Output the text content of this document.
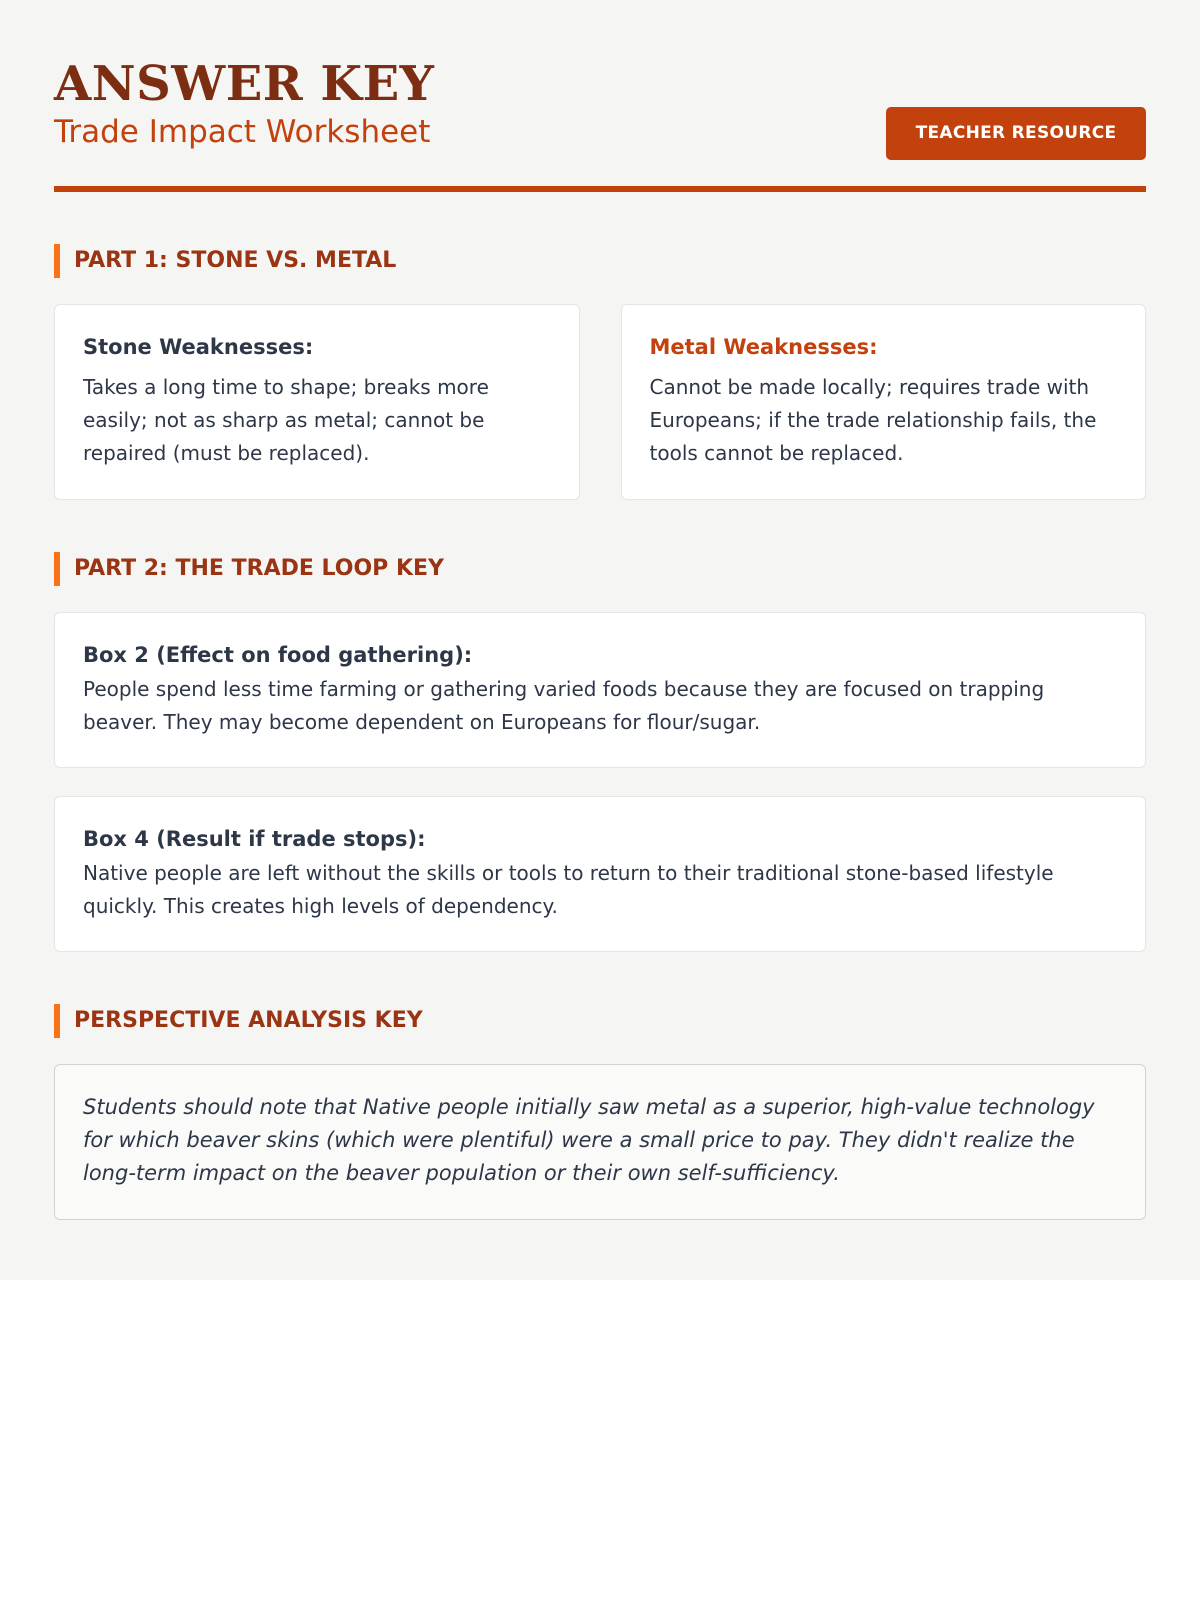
ANSWER KEY
Trade Impact Worksheet	TEACHER RESOURCE
PART 1: STONE VS. METAL
Stone Weaknesses:
Takes a long time to shape; breaks more easily; not as sharp as metal; cannot be repaired (must be replaced).
Metal Weaknesses:
Cannot be made locally; requires trade with Europeans; if the trade relationship fails, the tools cannot be replaced.
PART 2: THE TRADE LOOP KEY
Box 2 (Effect on food gathering):
People spend less time farming or gathering varied foods because they are focused on trapping beaver. They may become dependent on Europeans for flour/sugar.
Box 4 (Result if trade stops):
Native people are left without the skills or tools to return to their traditional stone-based lifestyle quickly. This creates high levels of dependency.
PERSPECTIVE ANALYSIS KEY
Students should note that Native people initially saw metal as a superior, high-value technology for which beaver skins (which were plentiful) were a small price to pay. They didn't realize the long-term impact on the beaver population or their own self-sufficiency.
